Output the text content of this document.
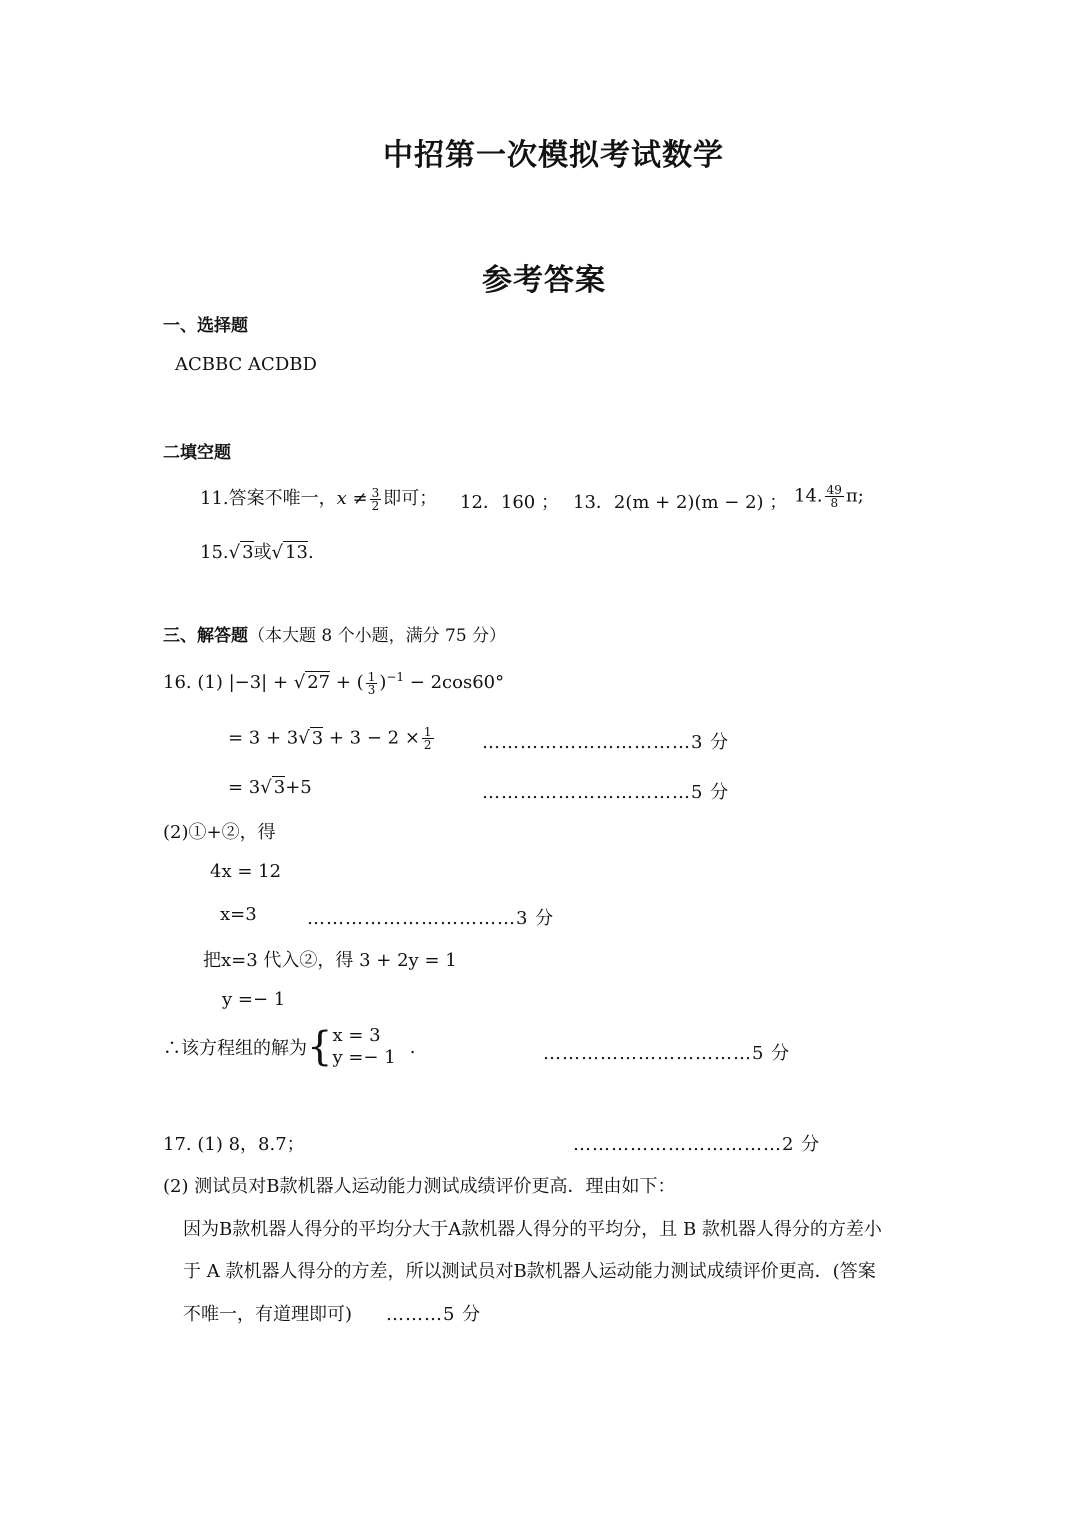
中招第一次模拟考试数学
参考答案
一、选择题
ACBBC ACDBD
二填空题
11.答案不唯一，$x \ne \frac{3}{2}$ 即可； 12．160 ； 13．2(m + 2)(m − 2) ； 14. $\frac{49}{8} \pi$;
15.√ 3或√ 13.
三、解答题（本大题 8 个小题，满分 75 分）
16. (1) |−3| + √ 27 + ( $\frac{1}{3} )^{-1} - 2\cos 60^\circ$
= 3 + 3√ $3 + 3 - 2 \times \frac{1}{2}$	……………………………3 分
= 3√ 3+5	……………………………5 分
(2)①+②，得
4x = 12
x=3	……………………………3 分
把x=3 代入②，得 3 + 2y = 1
y =− 1
∴该方程组的解为{ x = 3
y =− 1 .	……………………………5 分
17. (1) 8，8.7；	……………………………2 分
(2) 测试员对B款机器人运动能力测试成绩评价更高．理由如下：
因为B款机器人得分的平均分大于A款机器人得分的平均分，且 B 款机器人得分的方差小
于 A 款机器人得分的方差，所以测试员对B款机器人运动能力测试成绩评价更高．(答案
不唯一，有道理即可) ………5 分
